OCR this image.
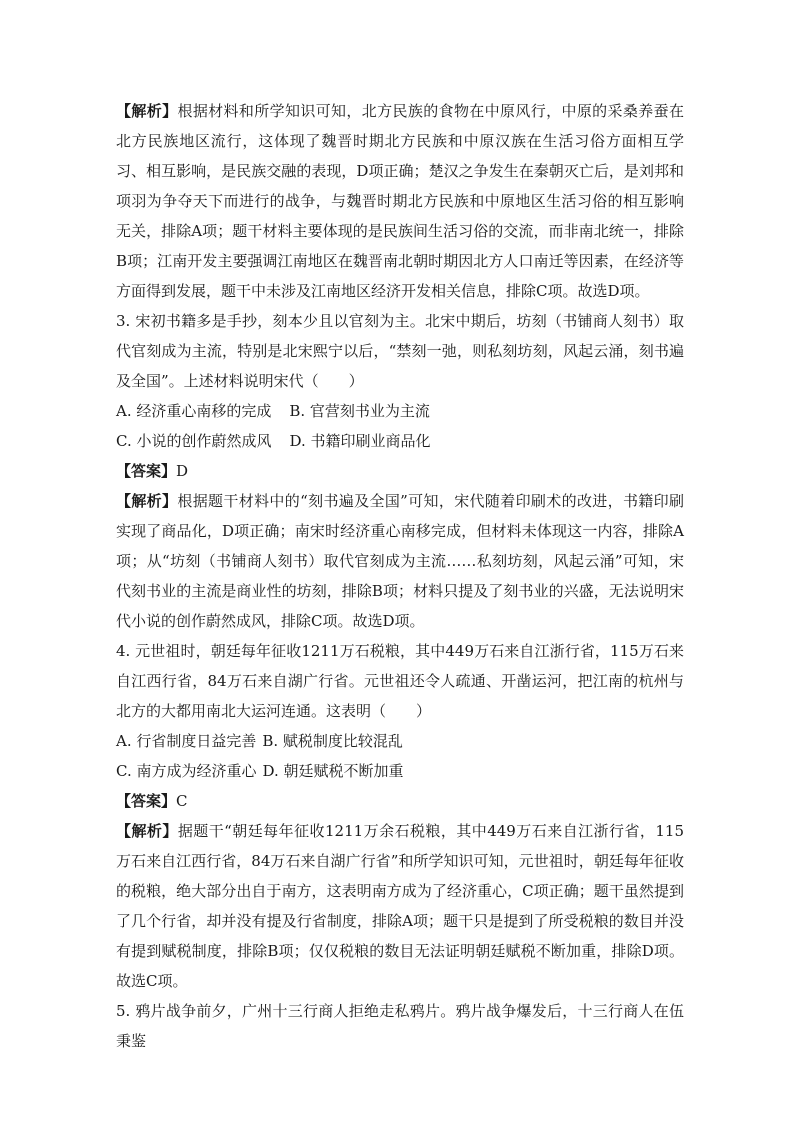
【解析】根据材料和所学知识可知，北方民族的食物在中原风行，中原的采桑养蚕在北方民族地区流行，这体现了魏晋时期北方民族和中原汉族在生活习俗方面相互学习、相互影响，是民族交融的表现，D项正确；楚汉之争发生在秦朝灭亡后，是刘邦和项羽为争夺天下而进行的战争，与魏晋时期北方民族和中原地区生活习俗的相互影响无关，排除A项；题干材料主要体现的是民族间生活习俗的交流，而非南北统一，排除B项；江南开发主要强调江南地区在魏晋南北朝时期因北方人口南迁等因素，在经济等方面得到发展，题干中未涉及江南地区经济开发相关信息，排除C项。故选D项。

3. 宋初书籍多是手抄，刻本少且以官刻为主。北宋中期后，坊刻（书铺商人刻书）取代官刻成为主流，特别是北宋熙宁以后，“禁刻一弛，则私刻坊刻，风起云涌，刻书遍及全国”。上述材料说明宋代（　　）

A. 经济重心南移的完成 B. 官营刻书业为主流
C. 小说的创作蔚然成风 D. 书籍印刷业商品化

【答案】D

【解析】根据题干材料中的“刻书遍及全国”可知，宋代随着印刷术的改进，书籍印刷实现了商品化，D项正确；南宋时经济重心南移完成，但材料未体现这一内容，排除A项；从“坊刻（书铺商人刻书）取代官刻成为主流……私刻坊刻，风起云涌”可知，宋代刻书业的主流是商业性的坊刻，排除B项；材料只提及了刻书业的兴盛，无法说明宋代小说的创作蔚然成风，排除C项。故选D项。

4. 元世祖时，朝廷每年征收1211万石税粮，其中449万石来自江浙行省，115万石来自江西行省，84万石来自湖广行省。元世祖还令人疏通、开凿运河，把江南的杭州与北方的大都用南北大运河连通。这表明（　　）

A. 行省制度日益完善 B. 赋税制度比较混乱
C. 南方成为经济重心 D. 朝廷赋税不断加重

【答案】C

【解析】据题干“朝廷每年征收1211万余石税粮，其中449万石来自江浙行省，115万石来自江西行省，84万石来自湖广行省”和所学知识可知，元世祖时，朝廷每年征收的税粮，绝大部分出自于南方，这表明南方成为了经济重心，C项正确；题干虽然提到了几个行省，却并没有提及行省制度，排除A项；题干只是提到了所受税粮的数目并没有提到赋税制度，排除B项；仅仅税粮的数目无法证明朝廷赋税不断加重，排除D项。故选C项。

5. 鸦片战争前夕，广州十三行商人拒绝走私鸦片。鸦片战争爆发后，十三行商人在伍秉鉴
